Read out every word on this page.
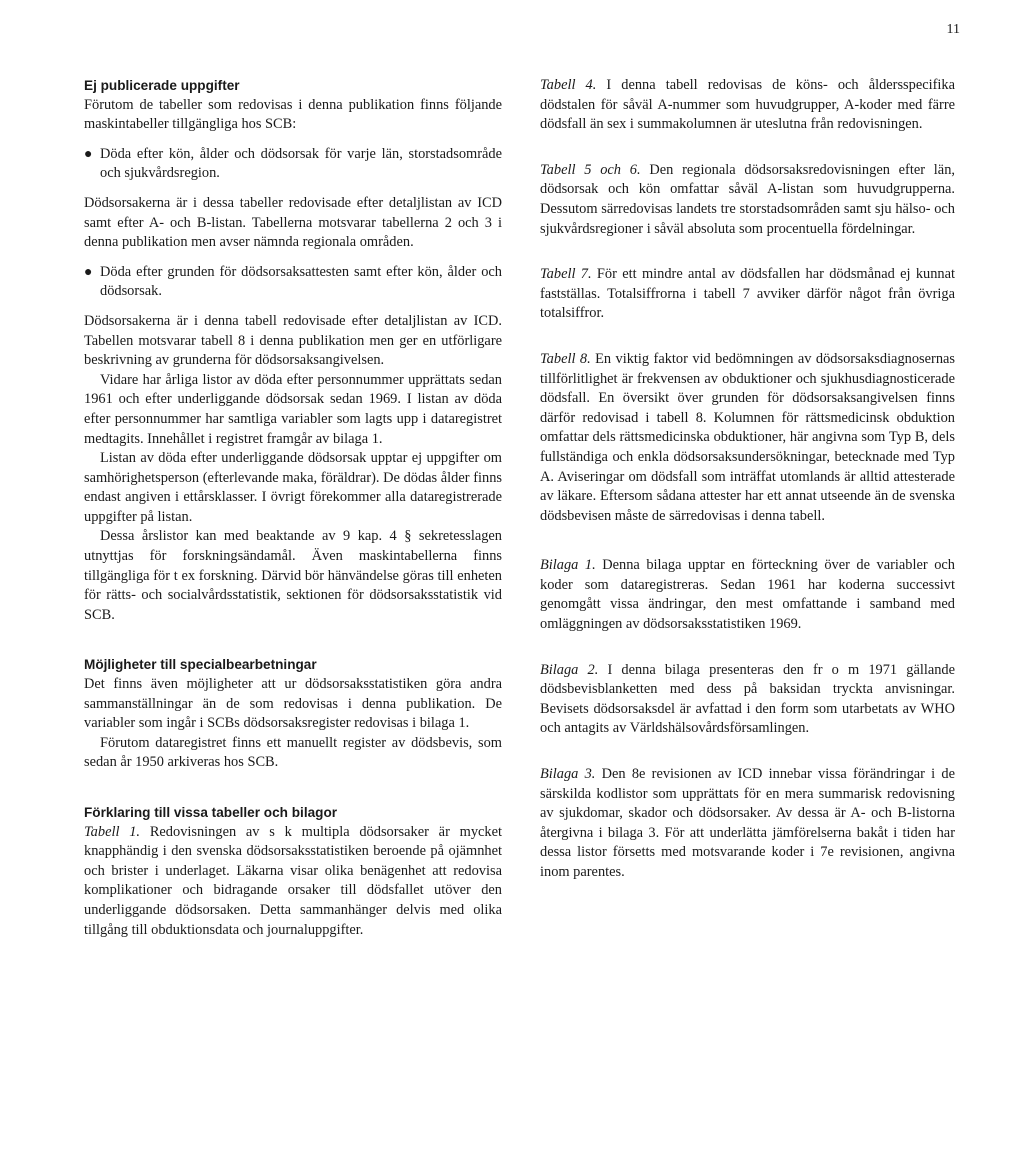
11
Ej publicerade uppgifter

Förutom de tabeller som redovisas i denna publikation finns följande maskintabeller tillgängliga hos SCB:

● Döda efter kön, ålder och dödsorsak för varje län, storstadsområde och sjukvårdsregion.

Dödsorsakerna är i dessa tabeller redovisade efter detaljlistan av ICD samt efter A- och B-listan. Tabellerna motsvarar tabellerna 2 och 3 i denna publikation men avser nämnda regionala områden.

● Döda efter grunden för dödsorsaksattesten samt efter kön, ålder och dödsorsak.

Dödsorsakerna är i denna tabell redovisade efter detaljlistan av ICD. Tabellen motsvarar tabell 8 i denna publikation men ger en utförligare beskrivning av grunderna för dödsorsaksangivelsen.

Vidare har årliga listor av döda efter personnummer upprättats sedan 1961 och efter underliggande dödsorsak sedan 1969. I listan av döda efter personnummer har samtliga variabler som lagts upp i dataregistret medtagits. Innehållet i registret framgår av bilaga 1.

Listan av döda efter underliggande dödsorsak upptar ej uppgifter om samhörighetsperson (efterlevande maka, föräldrar). De dödas ålder finns endast angiven i ettårsklasser. I övrigt förekommer alla dataregistrerade uppgifter på listan.

Dessa årslistor kan med beaktande av 9 kap. 4 § sekretesslagen utnyttjas för forskningsändamål. Även maskintabellerna finns tillgängliga för t ex forskning. Därvid bör hänvändelse göras till enheten för rätts- och socialvårdsstatistik, sektionen för dödsorsaksstatistik vid SCB.

Möjligheter till specialbearbetningar

Det finns även möjligheter att ur dödsorsaksstatistiken göra andra sammanställningar än de som redovisas i denna publikation. De variabler som ingår i SCBs dödsorsaksregister redovisas i bilaga 1.

Förutom dataregistret finns ett manuellt register av dödsbevis, som sedan år 1950 arkiveras hos SCB.

Förklaring till vissa tabeller och bilagor

Tabell 1. Redovisningen av s k multipla dödsorsaker är mycket knapphändig i den svenska dödsorsaksstatistiken beroende på ojämnhet och brister i underlaget. Läkarna visar olika benägenhet att redovisa komplikationer och bidragande orsaker till dödsfallet utöver den underliggande dödsorsaken. Detta sammanhänger delvis med olika tillgång till obduktionsdata och journaluppgifter.

Tabell 4. I denna tabell redovisas de köns- och åldersspecifika dödstalen för såväl A-nummer som huvudgrupper, A-koder med färre dödsfall än sex i summakolumnen är uteslutna från redovisningen.

Tabell 5 och 6. Den regionala dödsorsaksredovisningen efter län, dödsorsak och kön omfattar såväl A-listan som huvudgrupperna. Dessutom särredovisas landets tre storstadsområden samt sju hälso- och sjukvårdsregioner i såväl absoluta som procentuella fördelningar.

Tabell 7. För ett mindre antal av dödsfallen har dödsmånad ej kunnat fastställas. Totalsiffrorna i tabell 7 avviker därför något från övriga totalsiffror.

Tabell 8. En viktig faktor vid bedömningen av dödsorsaksdiagnosernas tillförlitlighet är frekvensen av obduktioner och sjukhusdiagnosticerade dödsfall. En översikt över grunden för dödsorsaksangivelsen finns därför redovisad i tabell 8. Kolumnen för rättsmedicinsk obduktion omfattar dels rättsmedicinska obduktioner, här angivna som Typ B, dels fullständiga och enkla dödsorsaksundersökningar, betecknade med Typ A. Aviseringar om dödsfall som inträffat utomlands är alltid attesterade av läkare. Eftersom sådana attester har ett annat utseende än de svenska dödsbevisen måste de särredovisas i denna tabell.

Bilaga 1. Denna bilaga upptar en förteckning över de variabler och koder som dataregistreras. Sedan 1961 har koderna successivt genomgått vissa ändringar, den mest omfattande i samband med omläggningen av dödsorsaksstatistiken 1969.

Bilaga 2. I denna bilaga presenteras den fr o m 1971 gällande dödsbevisblanketten med dess på baksidan tryckta anvisningar. Bevisets dödsorsaksdel är avfattad i den form som utarbetats av WHO och antagits av Världshälsovårdsförsamlingen.

Bilaga 3. Den 8e revisionen av ICD innebar vissa förändringar i de särskilda kodlistor som upprättats för en mera summarisk redovisning av sjukdomar, skador och dödsorsaker. Av dessa är A- och B-listorna återgivna i bilaga 3. För att underlätta jämförelserna bakåt i tiden har dessa listor försetts med motsvarande koder i 7e revisionen, angivna inom parentes.
